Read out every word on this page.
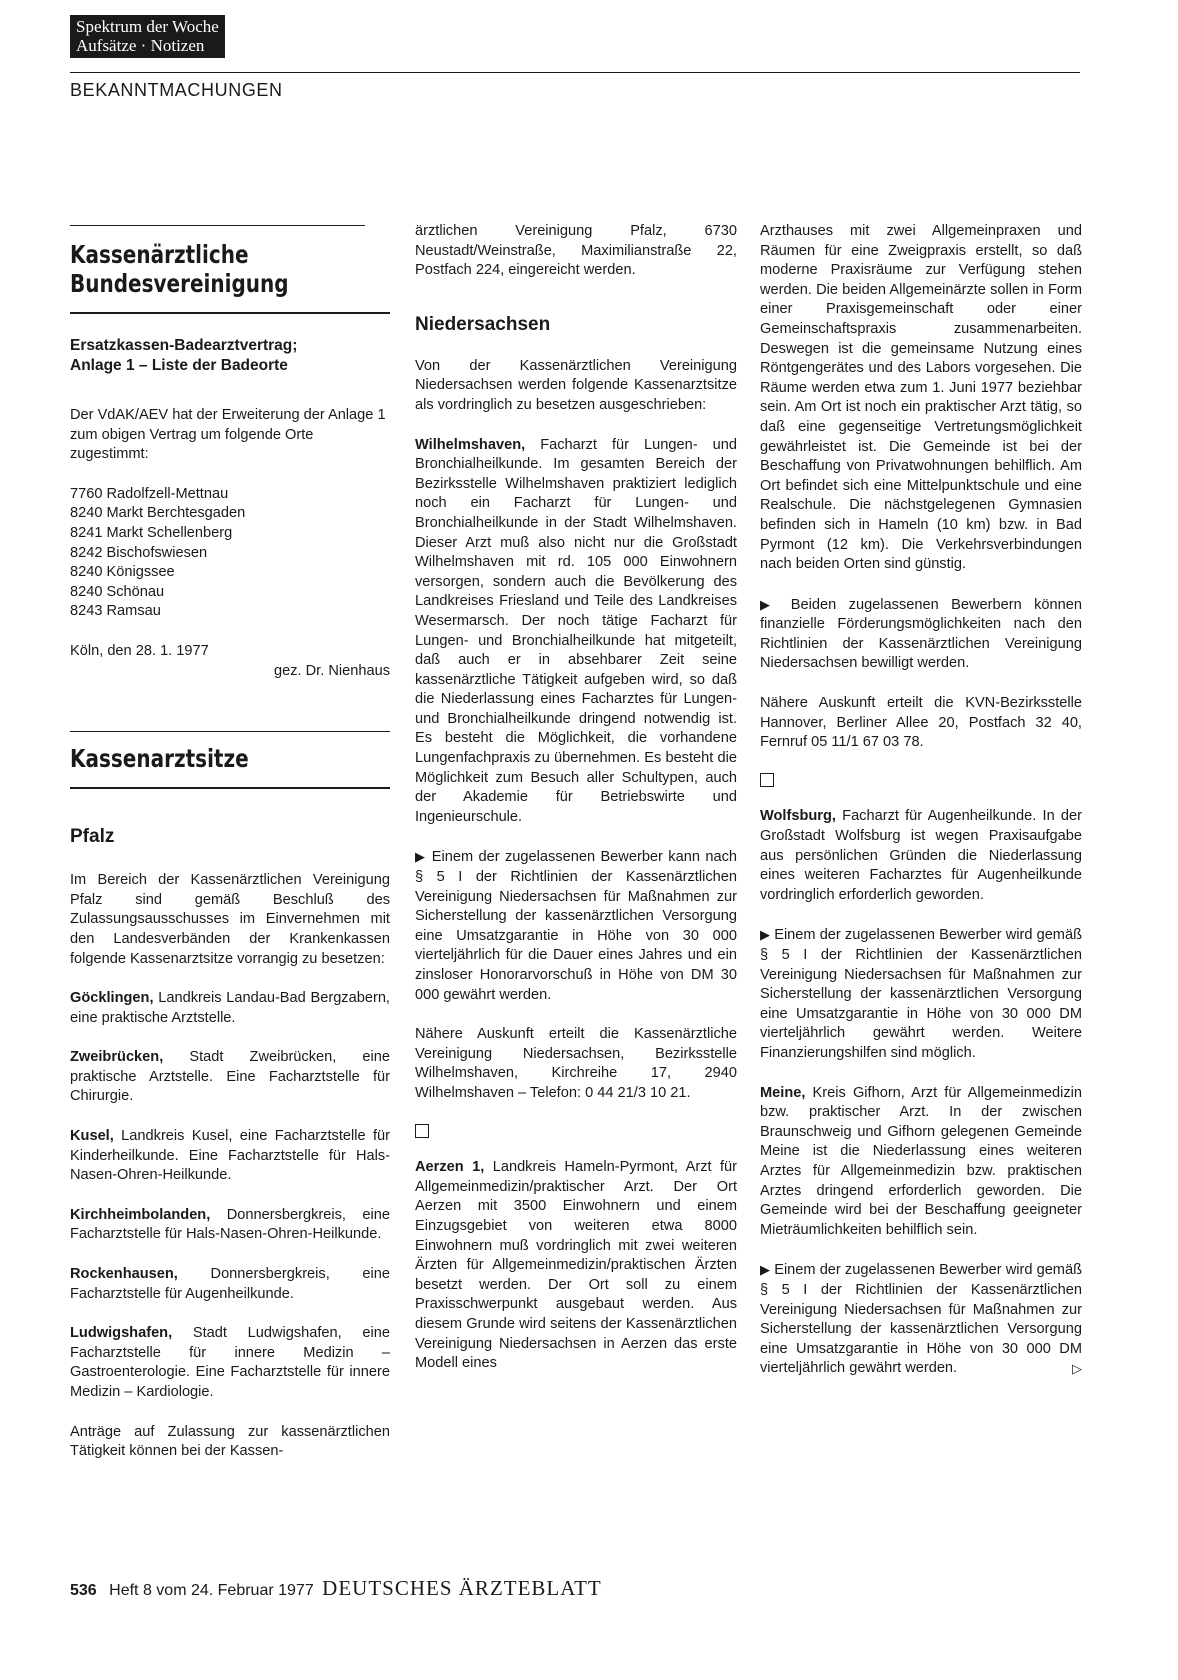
Spektrum der Woche
Aufsätze · Notizen
BEKANNTMACHUNGEN
Kassenärztliche
Bundesvereinigung
Ersatzkassen-Badearztvertrag;
Anlage 1 – Liste der Badeorte

Der VdAK/AEV hat der Erweiterung der Anlage 1 zum obigen Vertrag um folgende Orte zugestimmt:

7760 Radolfzell-Mettnau
8240 Markt Berchtesgaden
8241 Markt Schellenberg
8242 Bischofswiesen
8240 Königssee
8240 Schönau
8243 Ramsau
Köln, den 28. 1. 1977
gez. Dr. Nienhaus
Kassenarztsitze
Pfalz

Im Bereich der Kassenärztlichen Vereinigung Pfalz sind gemäß Beschluß des Zulassungsausschusses im Einvernehmen mit den Landesverbänden der Krankenkassen folgende Kassenarztsitze vorrangig zu besetzen:

Göcklingen, Landkreis Landau-Bad Bergzabern, eine praktische Arztstelle.

Zweibrücken, Stadt Zweibrücken, eine praktische Arztstelle. Eine Facharztstelle für Chirurgie.

Kusel, Landkreis Kusel, eine Facharztstelle für Kinderheilkunde. Eine Facharztstelle für Hals-Nasen-Ohren-Heilkunde.

Kirchheimbolanden, Donnersbergkreis, eine Facharztstelle für Hals-Nasen-Ohren-Heilkunde.

Rockenhausen, Donnersbergkreis, eine Facharztstelle für Augenheilkunde.

Ludwigshafen, Stadt Ludwigshafen, eine Facharztstelle für innere Medizin – Gastroenterologie. Eine Facharztstelle für innere Medizin – Kardiologie.

Anträge auf Zulassung zur kassenärztlichen Tätigkeit können bei der Kassen-

ärztlichen Vereinigung Pfalz, 6730 Neustadt/Weinstraße, Maximilianstraße 22, Postfach 224, eingereicht werden.

Niedersachsen

Von der Kassenärztlichen Vereinigung Niedersachsen werden folgende Kassenarztsitze als vordringlich zu besetzen ausgeschrieben:

Wilhelmshaven, Facharzt für Lungen- und Bronchialheilkunde. Im gesamten Bereich der Bezirksstelle Wilhelmshaven praktiziert lediglich noch ein Facharzt für Lungen- und Bronchialheilkunde in der Stadt Wilhelmshaven. Dieser Arzt muß also nicht nur die Großstadt Wilhelmshaven mit rd. 105 000 Einwohnern versorgen, sondern auch die Bevölkerung des Landkreises Friesland und Teile des Landkreises Wesermarsch. Der noch tätige Facharzt für Lungen- und Bronchialheilkunde hat mitgeteilt, daß auch er in absehbarer Zeit seine kassenärztliche Tätigkeit aufgeben wird, so daß die Niederlassung eines Facharztes für Lungen- und Bronchialheilkunde dringend notwendig ist. Es besteht die Möglichkeit, die vorhandene Lungenfachpraxis zu übernehmen. Es besteht die Möglichkeit zum Besuch aller Schultypen, auch der Akademie für Betriebswirte und Ingenieurschule.

▶ Einem der zugelassenen Bewerber kann nach § 5 I der Richtlinien der Kassenärztlichen Vereinigung Niedersachsen für Maßnahmen zur Sicherstellung der kassenärztlichen Versorgung eine Umsatzgarantie in Höhe von 30 000 vierteljährlich für die Dauer eines Jahres und ein zinsloser Honorarvorschuß in Höhe von DM 30 000 gewährt werden.

Nähere Auskunft erteilt die Kassenärztliche Vereinigung Niedersachsen, Bezirksstelle Wilhelmshaven, Kirchreihe 17, 2940 Wilhelmshaven – Telefon: 0 44 21/3 10 21.

Aerzen 1, Landkreis Hameln-Pyrmont, Arzt für Allgemeinmedizin/praktischer Arzt. Der Ort Aerzen mit 3500 Einwohnern und einem Einzugsgebiet von weiteren etwa 8000 Einwohnern muß vordringlich mit zwei weiteren Ärzten für Allgemeinmedizin/praktischen Ärzten besetzt werden. Der Ort soll zu einem Praxisschwerpunkt ausgebaut werden. Aus diesem Grunde wird seitens der Kassenärztlichen Vereinigung Niedersachsen in Aerzen das erste Modell eines

Arzthauses mit zwei Allgemeinpraxen und Räumen für eine Zweigpraxis erstellt, so daß moderne Praxisräume zur Verfügung stehen werden. Die beiden Allgemeinärzte sollen in Form einer Praxisgemeinschaft oder einer Gemeinschaftspraxis zusammenarbeiten. Deswegen ist die gemeinsame Nutzung eines Röntgengerätes und des Labors vorgesehen. Die Räume werden etwa zum 1. Juni 1977 beziehbar sein. Am Ort ist noch ein praktischer Arzt tätig, so daß eine gegenseitige Vertretungsmöglichkeit gewährleistet ist. Die Gemeinde ist bei der Beschaffung von Privatwohnungen behilflich. Am Ort befindet sich eine Mittelpunktschule und eine Realschule. Die nächstgelegenen Gymnasien befinden sich in Hameln (10 km) bzw. in Bad Pyrmont (12 km). Die Verkehrsverbindungen nach beiden Orten sind günstig.

▶ Beiden zugelassenen Bewerbern können finanzielle Förderungsmöglichkeiten nach den Richtlinien der Kassenärztlichen Vereinigung Niedersachsen bewilligt werden.

Nähere Auskunft erteilt die KVN-Bezirksstelle Hannover, Berliner Allee 20, Postfach 32 40, Fernruf 05 11/1 67 03 78.

Wolfsburg, Facharzt für Augenheilkunde. In der Großstadt Wolfsburg ist wegen Praxisaufgabe aus persönlichen Gründen die Niederlassung eines weiteren Facharztes für Augenheilkunde vordringlich erforderlich geworden.

▶ Einem der zugelassenen Bewerber wird gemäß § 5 I der Richtlinien der Kassenärztlichen Vereinigung Niedersachsen für Maßnahmen zur Sicherstellung der kassenärztlichen Versorgung eine Umsatzgarantie in Höhe von 30 000 DM vierteljährlich gewährt werden. Weitere Finanzierungshilfen sind möglich.

Meine, Kreis Gifhorn, Arzt für Allgemeinmedizin bzw. praktischer Arzt. In der zwischen Braunschweig und Gifhorn gelegenen Gemeinde Meine ist die Niederlassung eines weiteren Arztes für Allgemeinmedizin bzw. praktischen Arztes dringend erforderlich geworden. Die Gemeinde wird bei der Beschaffung geeigneter Mieträumlichkeiten behilflich sein.

▶ Einem der zugelassenen Bewerber wird gemäß § 5 I der Richtlinien der Kassenärztlichen Vereinigung Niedersachsen für Maßnahmen zur Sicherstellung der kassenärztlichen Versorgung eine Umsatzgarantie in Höhe von 30 000 DM vierteljährlich gewährt werden.	▷

536 Heft 8 vom 24. Februar 1977 DEUTSCHES ÄRZTEBLATT
